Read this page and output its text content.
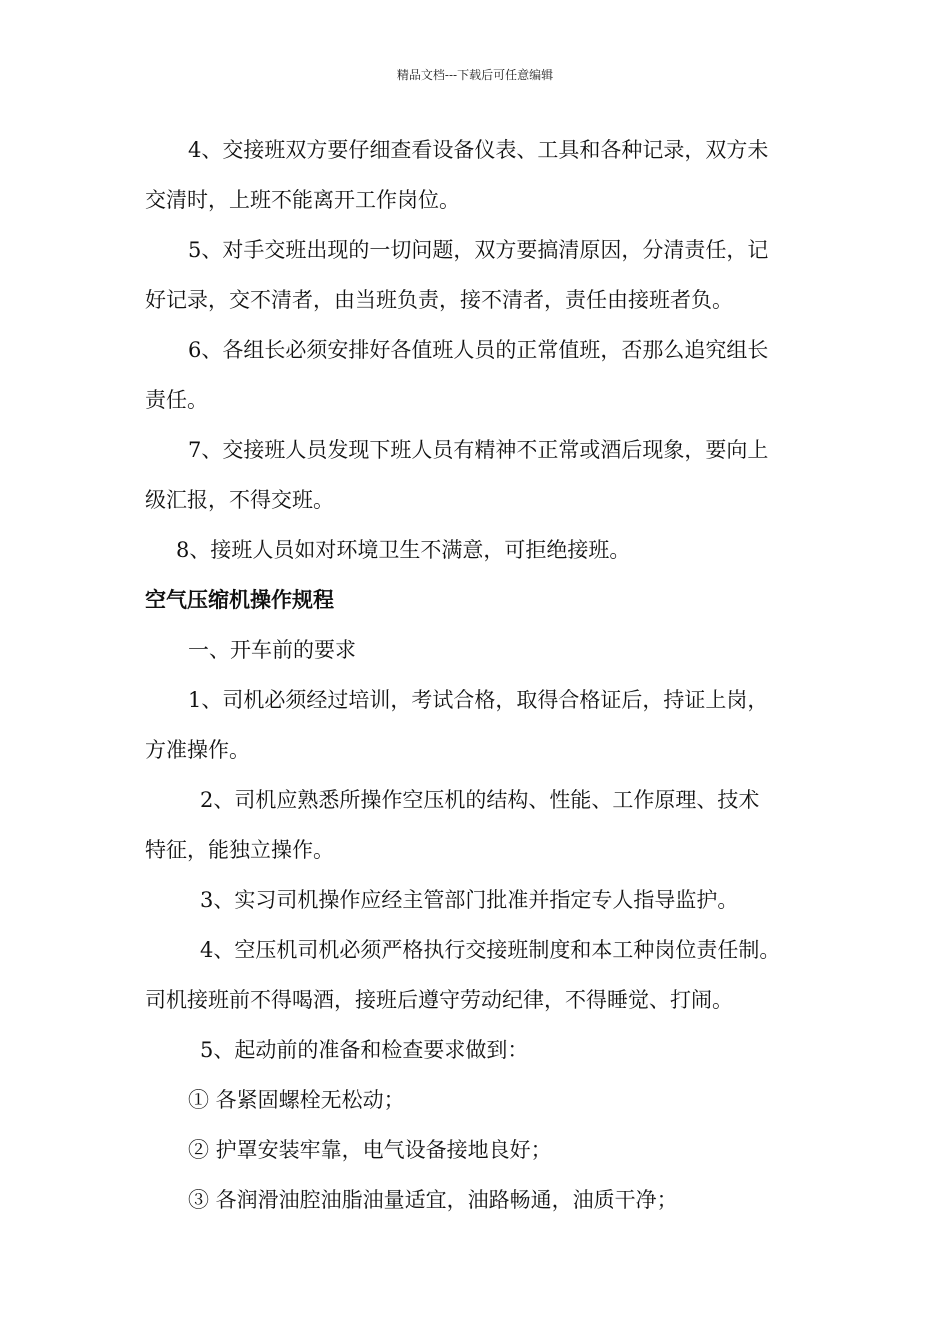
精品文档---下载后可任意编辑
4、交接班双方要仔细查看设备仪表、工具和各种记录，双方未
交清时，上班不能离开工作岗位。
5、对手交班出现的一切问题，双方要搞清原因，分清责任，记
好记录，交不清者，由当班负责，接不清者，责任由接班者负。
6、各组长必须安排好各值班人员的正常值班，否那么追究组长
责任。
7、交接班人员发现下班人员有精神不正常或酒后现象，要向上
级汇报，不得交班。
8、接班人员如对环境卫生不满意，可拒绝接班。
空气压缩机操作规程
一、开车前的要求
1、司机必须经过培训，考试合格，取得合格证后，持证上岗，
方准操作。
2、司机应熟悉所操作空压机的结构、性能、工作原理、技术
特征，能独立操作。
3、实习司机操作应经主管部门批准并指定专人指导监护。
4、空压机司机必须严格执行交接班制度和本工种岗位责任制。
司机接班前不得喝酒，接班后遵守劳动纪律，不得睡觉、打闹。
5、起动前的准备和检查要求做到：
① 各紧固螺栓无松动；
② 护罩安装牢靠，电气设备接地良好；
③ 各润滑油腔油脂油量适宜，油路畅通，油质干净；
